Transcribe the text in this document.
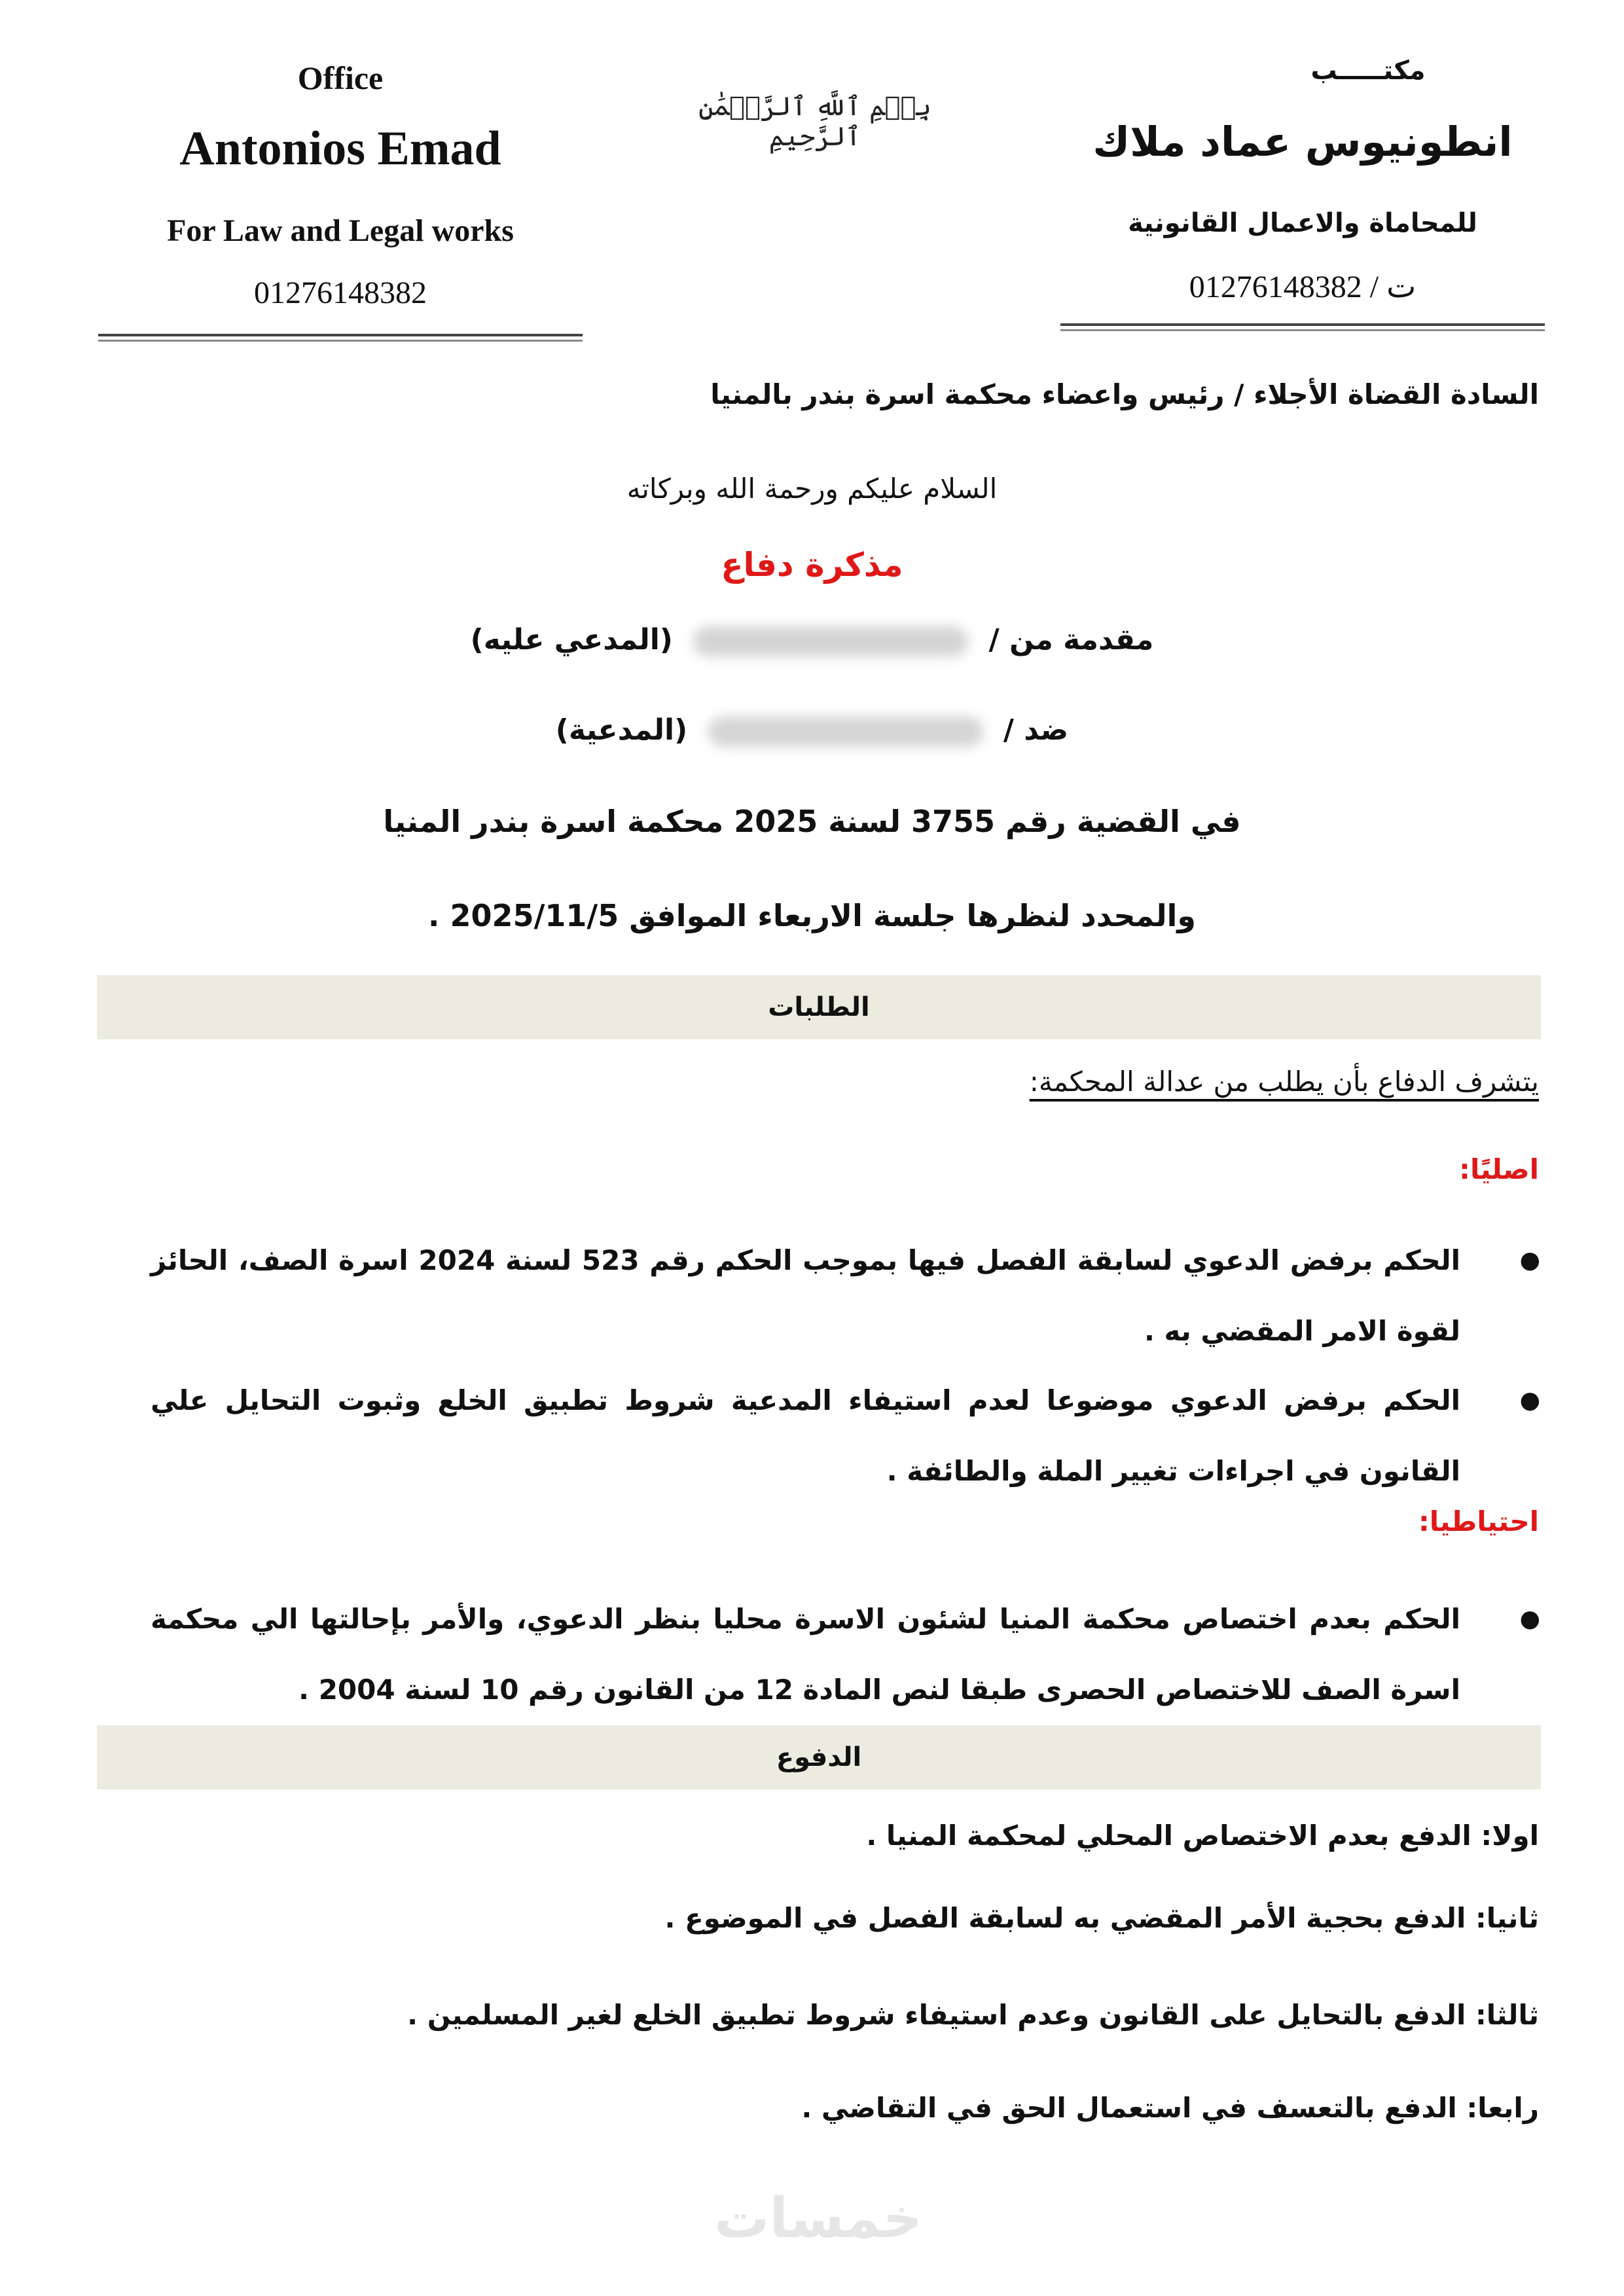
Office
Antonios Emad
For Law and Legal works
01276148382
بِسۡمِ ٱللَّهِ ٱلرَّحۡمَٰنِ ٱلرَّحِيمِ
مكتـــــب
انطونيوس عماد ملاك
للمحاماة والاعمال القانونية
ت / 01276148382
السادة القضاة الأجلاء / رئيس واعضاء محكمة اسرة بندر بالمنيا
السلام عليكم ورحمة الله وبركاته
مذكرة دفاع
مقدمة من /  (المدعي عليه)
ضد /  (المدعية)
في القضية رقم 3755 لسنة 2025 محكمة اسرة بندر المنيا
والمحدد لنظرها جلسة الاربعاء الموافق 2025/11/5 .
الطلبات
يتشرف الدفاع بأن يطلب من عدالة المحكمة:
اصليًا:
●
الحكم برفض الدعوي لسابقة الفصل فيها بموجب الحكم رقم 523 لسنة 2024 اسرة الصف، الحائز لقوة الامر المقضي به .
●
الحكم برفض الدعوي موضوعا لعدم استيفاء المدعية شروط تطبيق الخلع وثبوت التحايل علي القانون في اجراءات تغيير الملة والطائفة .
احتياطيا:
●
الحكم بعدم اختصاص محكمة المنيا لشئون الاسرة محليا بنظر الدعوي، والأمر بإحالتها الي محكمة اسرة الصف للاختصاص الحصرى طبقا لنص المادة 12 من القانون رقم 10 لسنة 2004 .
الدفوع
اولا: الدفع بعدم الاختصاص المحلي لمحكمة المنيا .
ثانيا: الدفع بحجية الأمر المقضي به لسابقة الفصل في الموضوع .
ثالثا: الدفع بالتحايل على القانون وعدم استيفاء شروط تطبيق الخلع لغير المسلمين .
رابعا: الدفع بالتعسف في استعمال الحق في التقاضي .
خمسات
